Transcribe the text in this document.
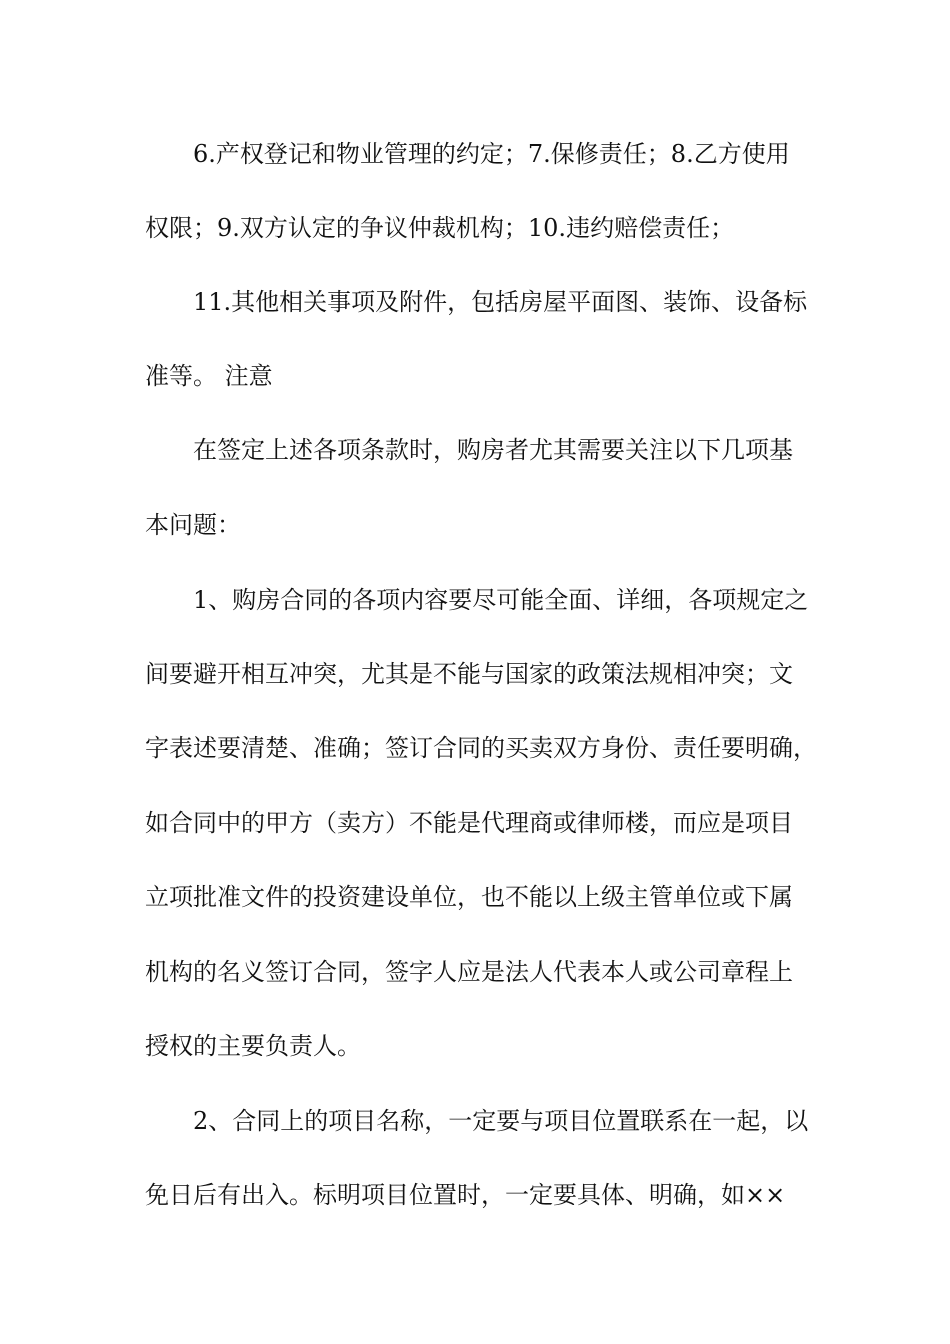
6.产权登记和物业管理的约定；7.保修责任；8.乙方使用
权限；9.双方认定的争议仲裁机构；10.违约赔偿责任；
11.其他相关事项及附件，包括房屋平面图、装饰、设备标
准等。 注意
在签定上述各项条款时，购房者尤其需要关注以下几项基
本问题：
1、购房合同的各项内容要尽可能全面、详细，各项规定之
间要避开相互冲突，尤其是不能与国家的政策法规相冲突；文
字表述要清楚、准确；签订合同的买卖双方身份、责任要明确，
如合同中的甲方（卖方）不能是代理商或律师楼，而应是项目
立项批准文件的投资建设单位，也不能以上级主管单位或下属
机构的名义签订合同，签字人应是法人代表本人或公司章程上
授权的主要负责人。
2、合同上的项目名称，一定要与项目位置联系在一起，以
免日后有出入。标明项目位置时，一定要具体、明确，如××
